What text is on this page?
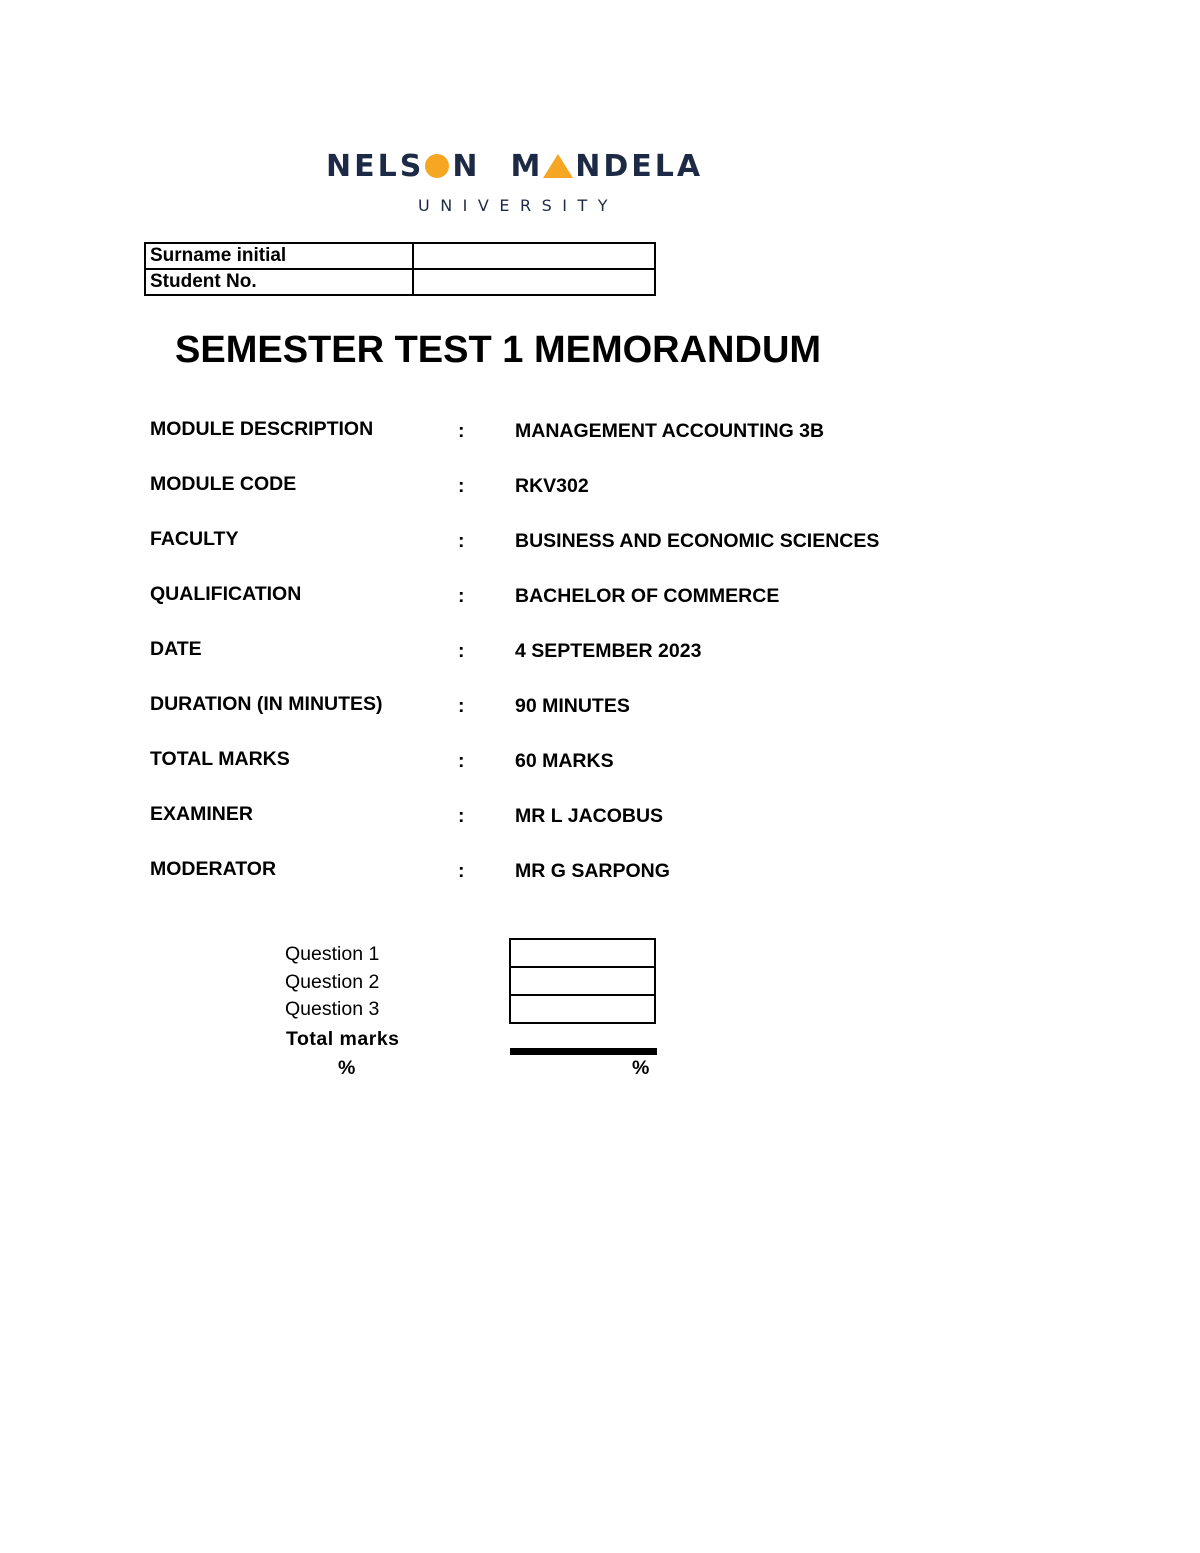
NELS N M NDELA
UNIVERSITY
Surname initial	
Student No.	
SEMESTER TEST 1 MEMORANDUM
MODULE DESCRIPTION	:	MANAGEMENT ACCOUNTING 3B
MODULE CODE	:	RKV302
FACULTY	:	BUSINESS AND ECONOMIC SCIENCES
QUALIFICATION	:	BACHELOR OF COMMERCE
DATE	:	4 SEPTEMBER 2023
DURATION (IN MINUTES)	:	90 MINUTES
TOTAL MARKS	:	60 MARKS
EXAMINER	:	MR L JACOBUS
MODERATOR	:	MR G SARPONG
Question 1
Question 2
Question 3
Total marks
%	%
